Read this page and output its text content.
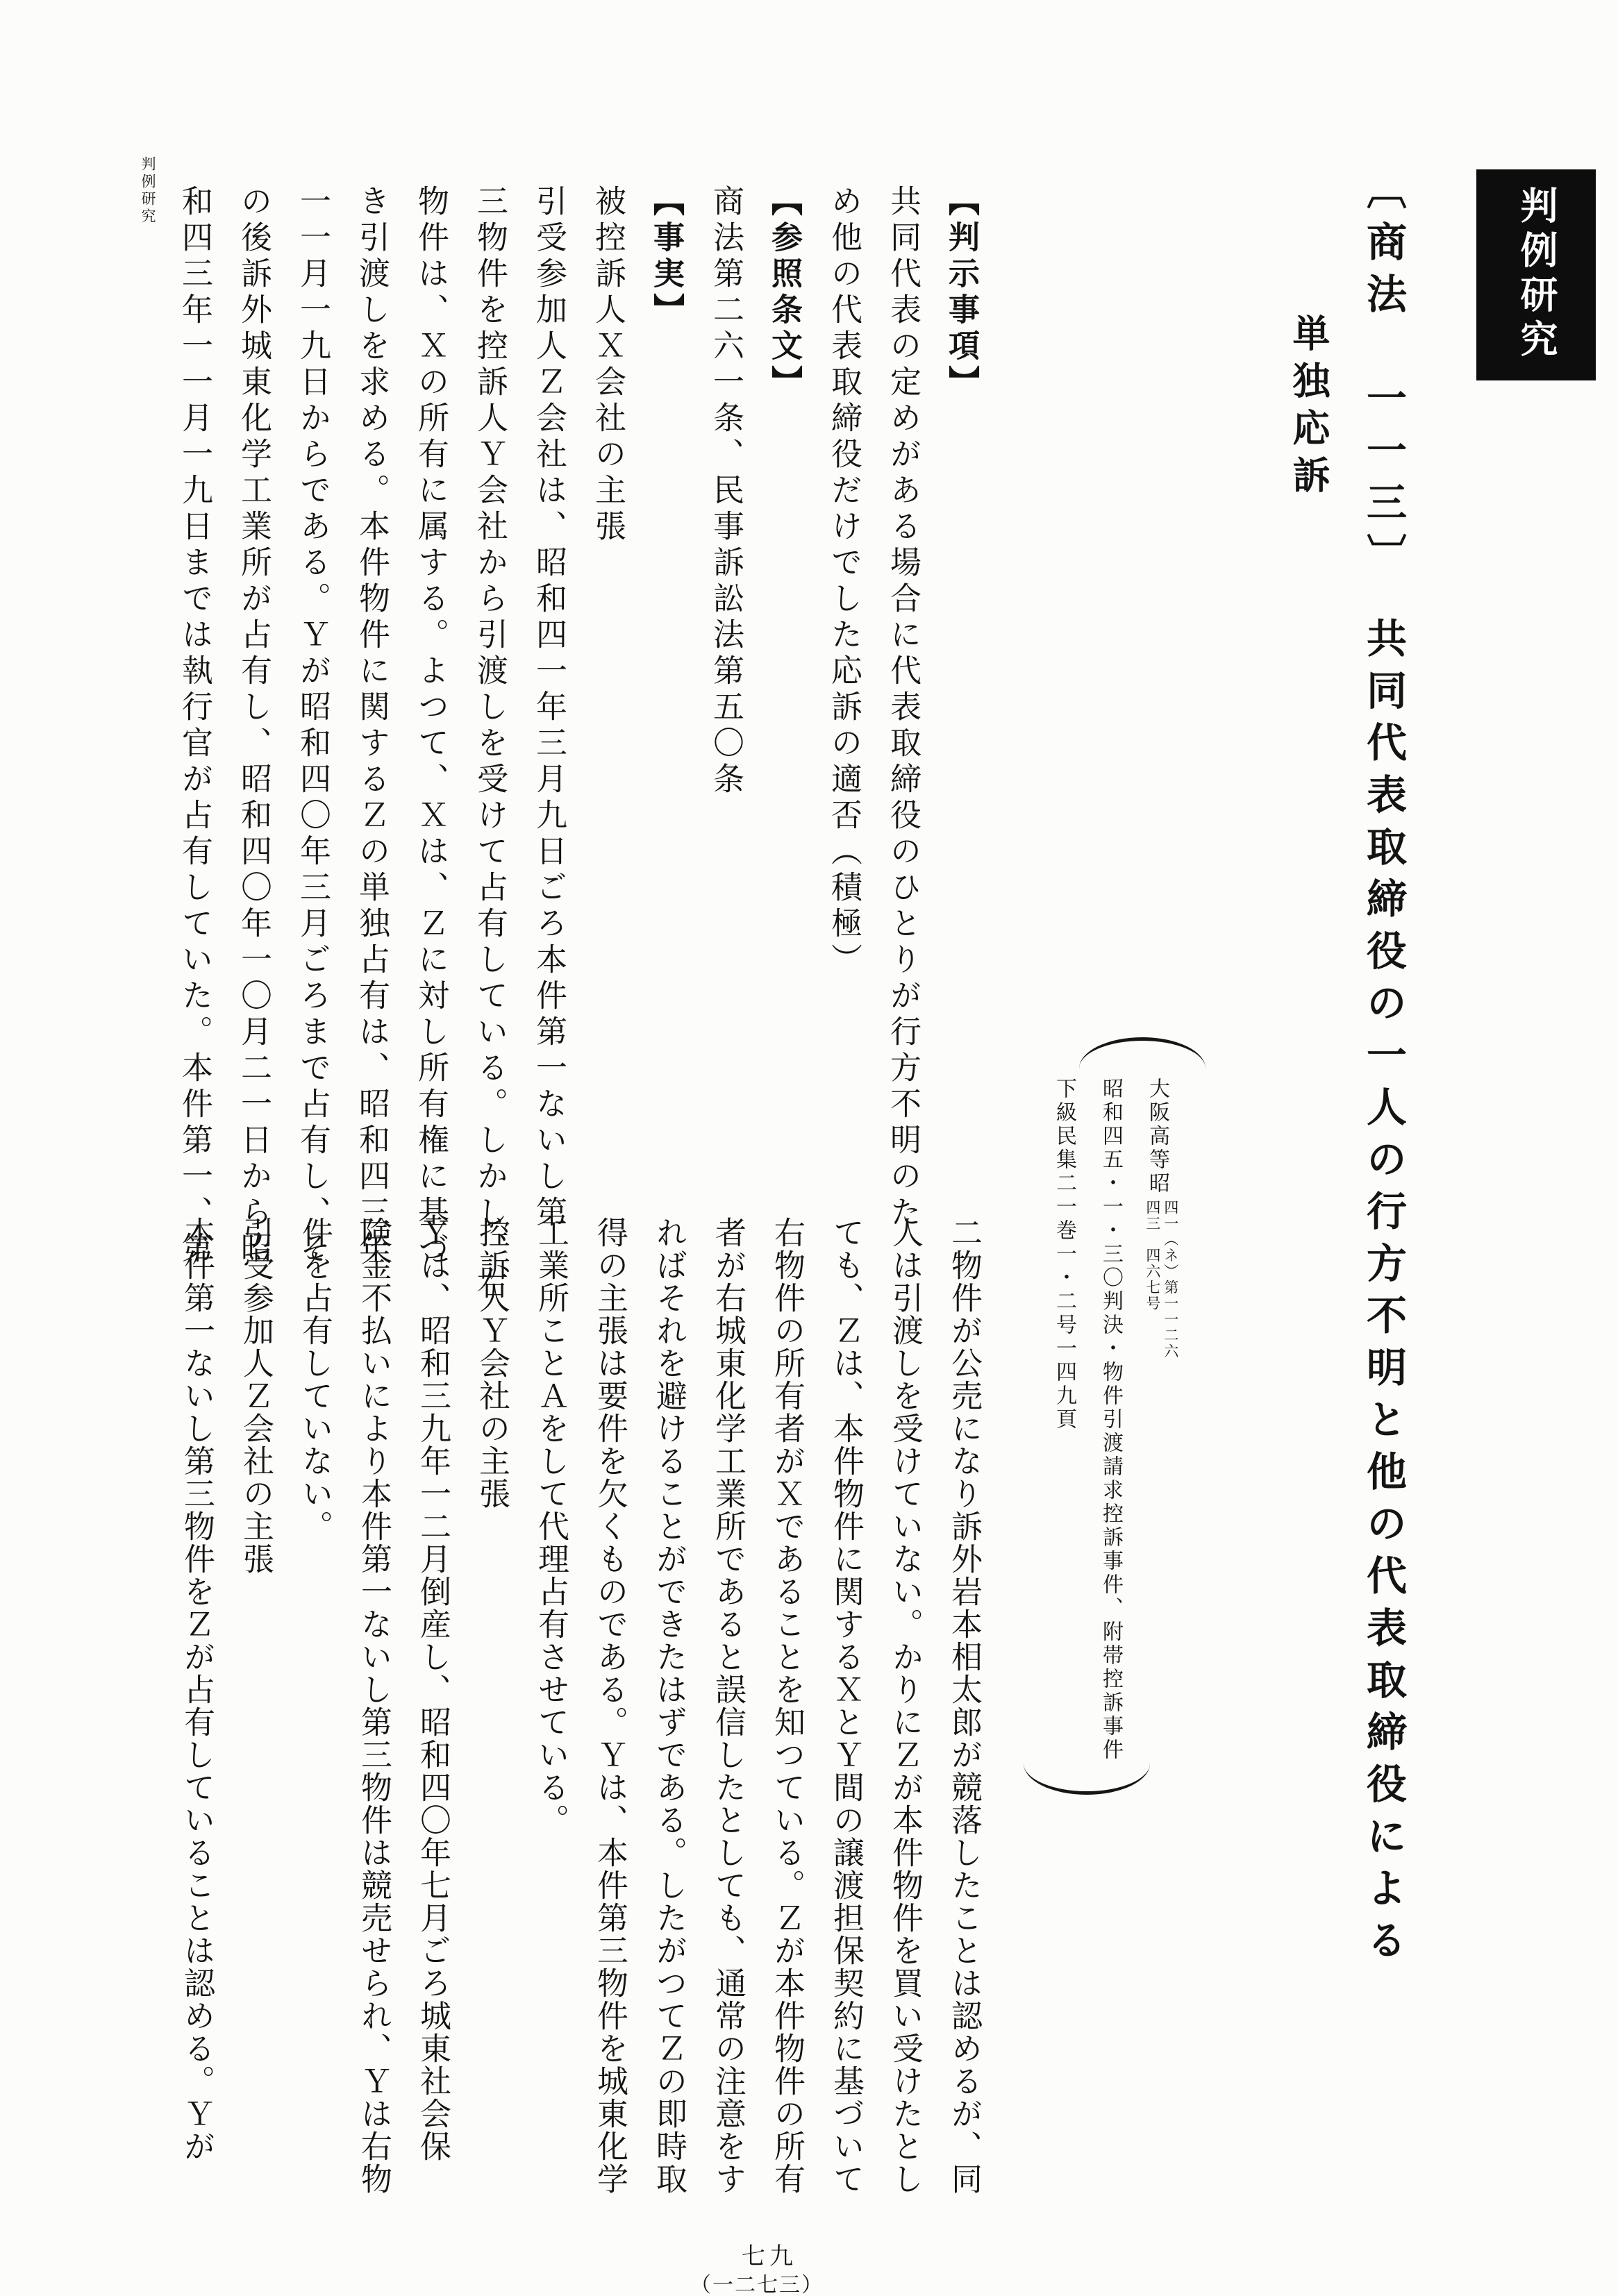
判例研究
〔商法　一一三〕　共同代表取締役の一人の行方不明と他の代表取締役による
単独応訴
大阪高等昭
四一（ネ）第一一二六
四三　四六七号
昭和四五・一・三〇判決・物件引渡請求控訴事件、附帯控訴事件
下級民集二一巻一・二号一四九頁
【判示事項】
共同代表の定めがある場合に代表取締役のひとりが行方不明のた
め他の代表取締役だけでした応訴の適否（積極）
【参照条文】
商法第二六一条、民事訴訟法第五〇条
【事実】
被控訴人Ｘ会社の主張
引受参加人Ｚ会社は、昭和四一年三月九日ごろ本件第一ないし第
三物件を控訴人Ｙ会社から引渡しを受けて占有している。しかし、右
物件は、Ｘの所有に属する。よつて、Ｘは、Ｚに対し所有権に基づ
き引渡しを求める。本件物件に関するＺの単独占有は、昭和四三年
一一月一九日からである。Ｙが昭和四〇年三月ごろまで占有し、そ
の後訴外城東化学工業所が占有し、昭和四〇年一〇月二一日から昭
和四三年一一月一九日までは執行官が占有していた。本件第一、第
二物件が公売になり訴外岩本相太郎が競落したことは認めるが、同
人は引渡しを受けていない。かりにＺが本件物件を買い受けたとし
ても、Ｚは、本件物件に関するＸとＹ間の譲渡担保契約に基づいて
右物件の所有者がＸであることを知つている。Ｚが本件物件の所有
者が右城東化学工業所であると誤信したとしても、通常の注意をす
ればそれを避けることができたはずである。したがつてＺの即時取
得の主張は要件を欠くものである。Ｙは、本件第三物件を城東化学
工業所ことＡをして代理占有させている。
控訴人Ｙ会社の主張
Ｙは、昭和三九年一二月倒産し、昭和四〇年七月ごろ城東社会保
険金不払いにより本件第一ないし第三物件は競売せられ、Ｙは右物
件を占有していない。
引受参加人Ｚ会社の主張
本件第一ないし第三物件をＺが占有していることは認める。Ｙが
判例研究
七九
（一二七三）
